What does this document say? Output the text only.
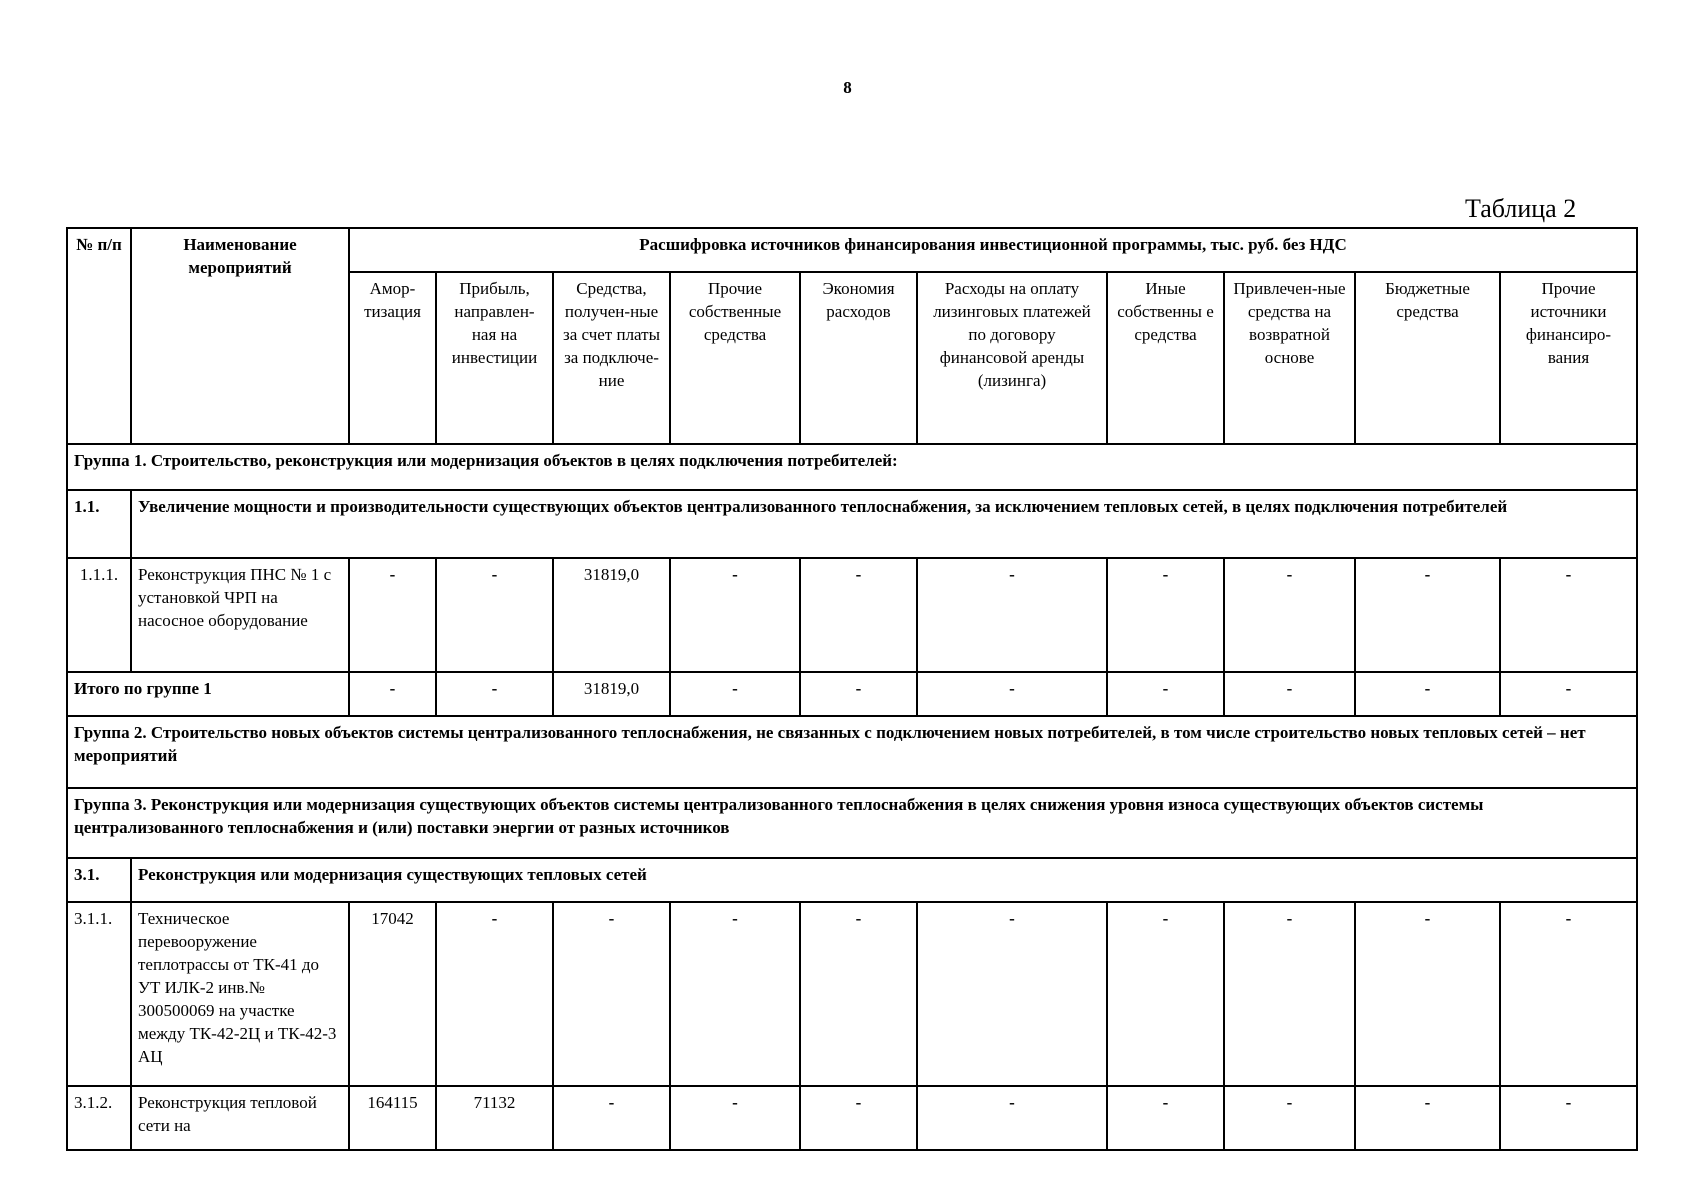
8
Таблица 2
№ п/п	Наименование мероприятий	Расшифровка источников финансирования инвестиционной программы, тыс. руб. без НДС									
		Амор-тизация	Прибыль, направлен-ная на инвестиции	Средства, получен-ные за счет платы за подключе-ние	Прочие собственные средства	Экономия расходов	Расходы на оплату лизинговых платежей по договору финансовой аренды (лизинга)	Иные собственны е средства	Привлечен-ные средства на возвратной основе	Бюджетные средства	Прочие источники финансиро-вания
Группа 1. Строительство, реконструкция или модернизация объектов в целях подключения потребителей:											
1.1.	Увеличение мощности и производительности существующих объектов централизованного теплоснабжения, за исключением тепловых сетей, в целях подключения потребителей										
1.1.1.	Реконструкция ПНС № 1 с установкой ЧРП на насосное оборудование	-	-	31819,0	-	-	-	-	-	-	-
Итого по группе 1		-	-	31819,0	-	-	-	-	-	-	-
Группа 2. Строительство новых объектов системы централизованного теплоснабжения, не связанных с подключением новых потребителей, в том числе строительство новых тепловых сетей – нет мероприятий											
Группа 3. Реконструкция или модернизация существующих объектов системы централизованного теплоснабжения в целях снижения уровня износа существующих объектов системы централизованного теплоснабжения и (или) поставки энергии от разных источников											
3.1.	Реконструкция или модернизация существующих тепловых сетей										
3.1.1.	Техническое перевооружение теплотрассы от ТК-41 до УТ ИЛК-2 инв.№ 300500069 на участке между ТК-42-2Ц и ТК-42-3 АЦ	17042	-	-	-	-	-	-	-	-	-
3.1.2.	Реконструкция тепловой сети на	164115	71132	-	-	-	-	-	-	-	-
